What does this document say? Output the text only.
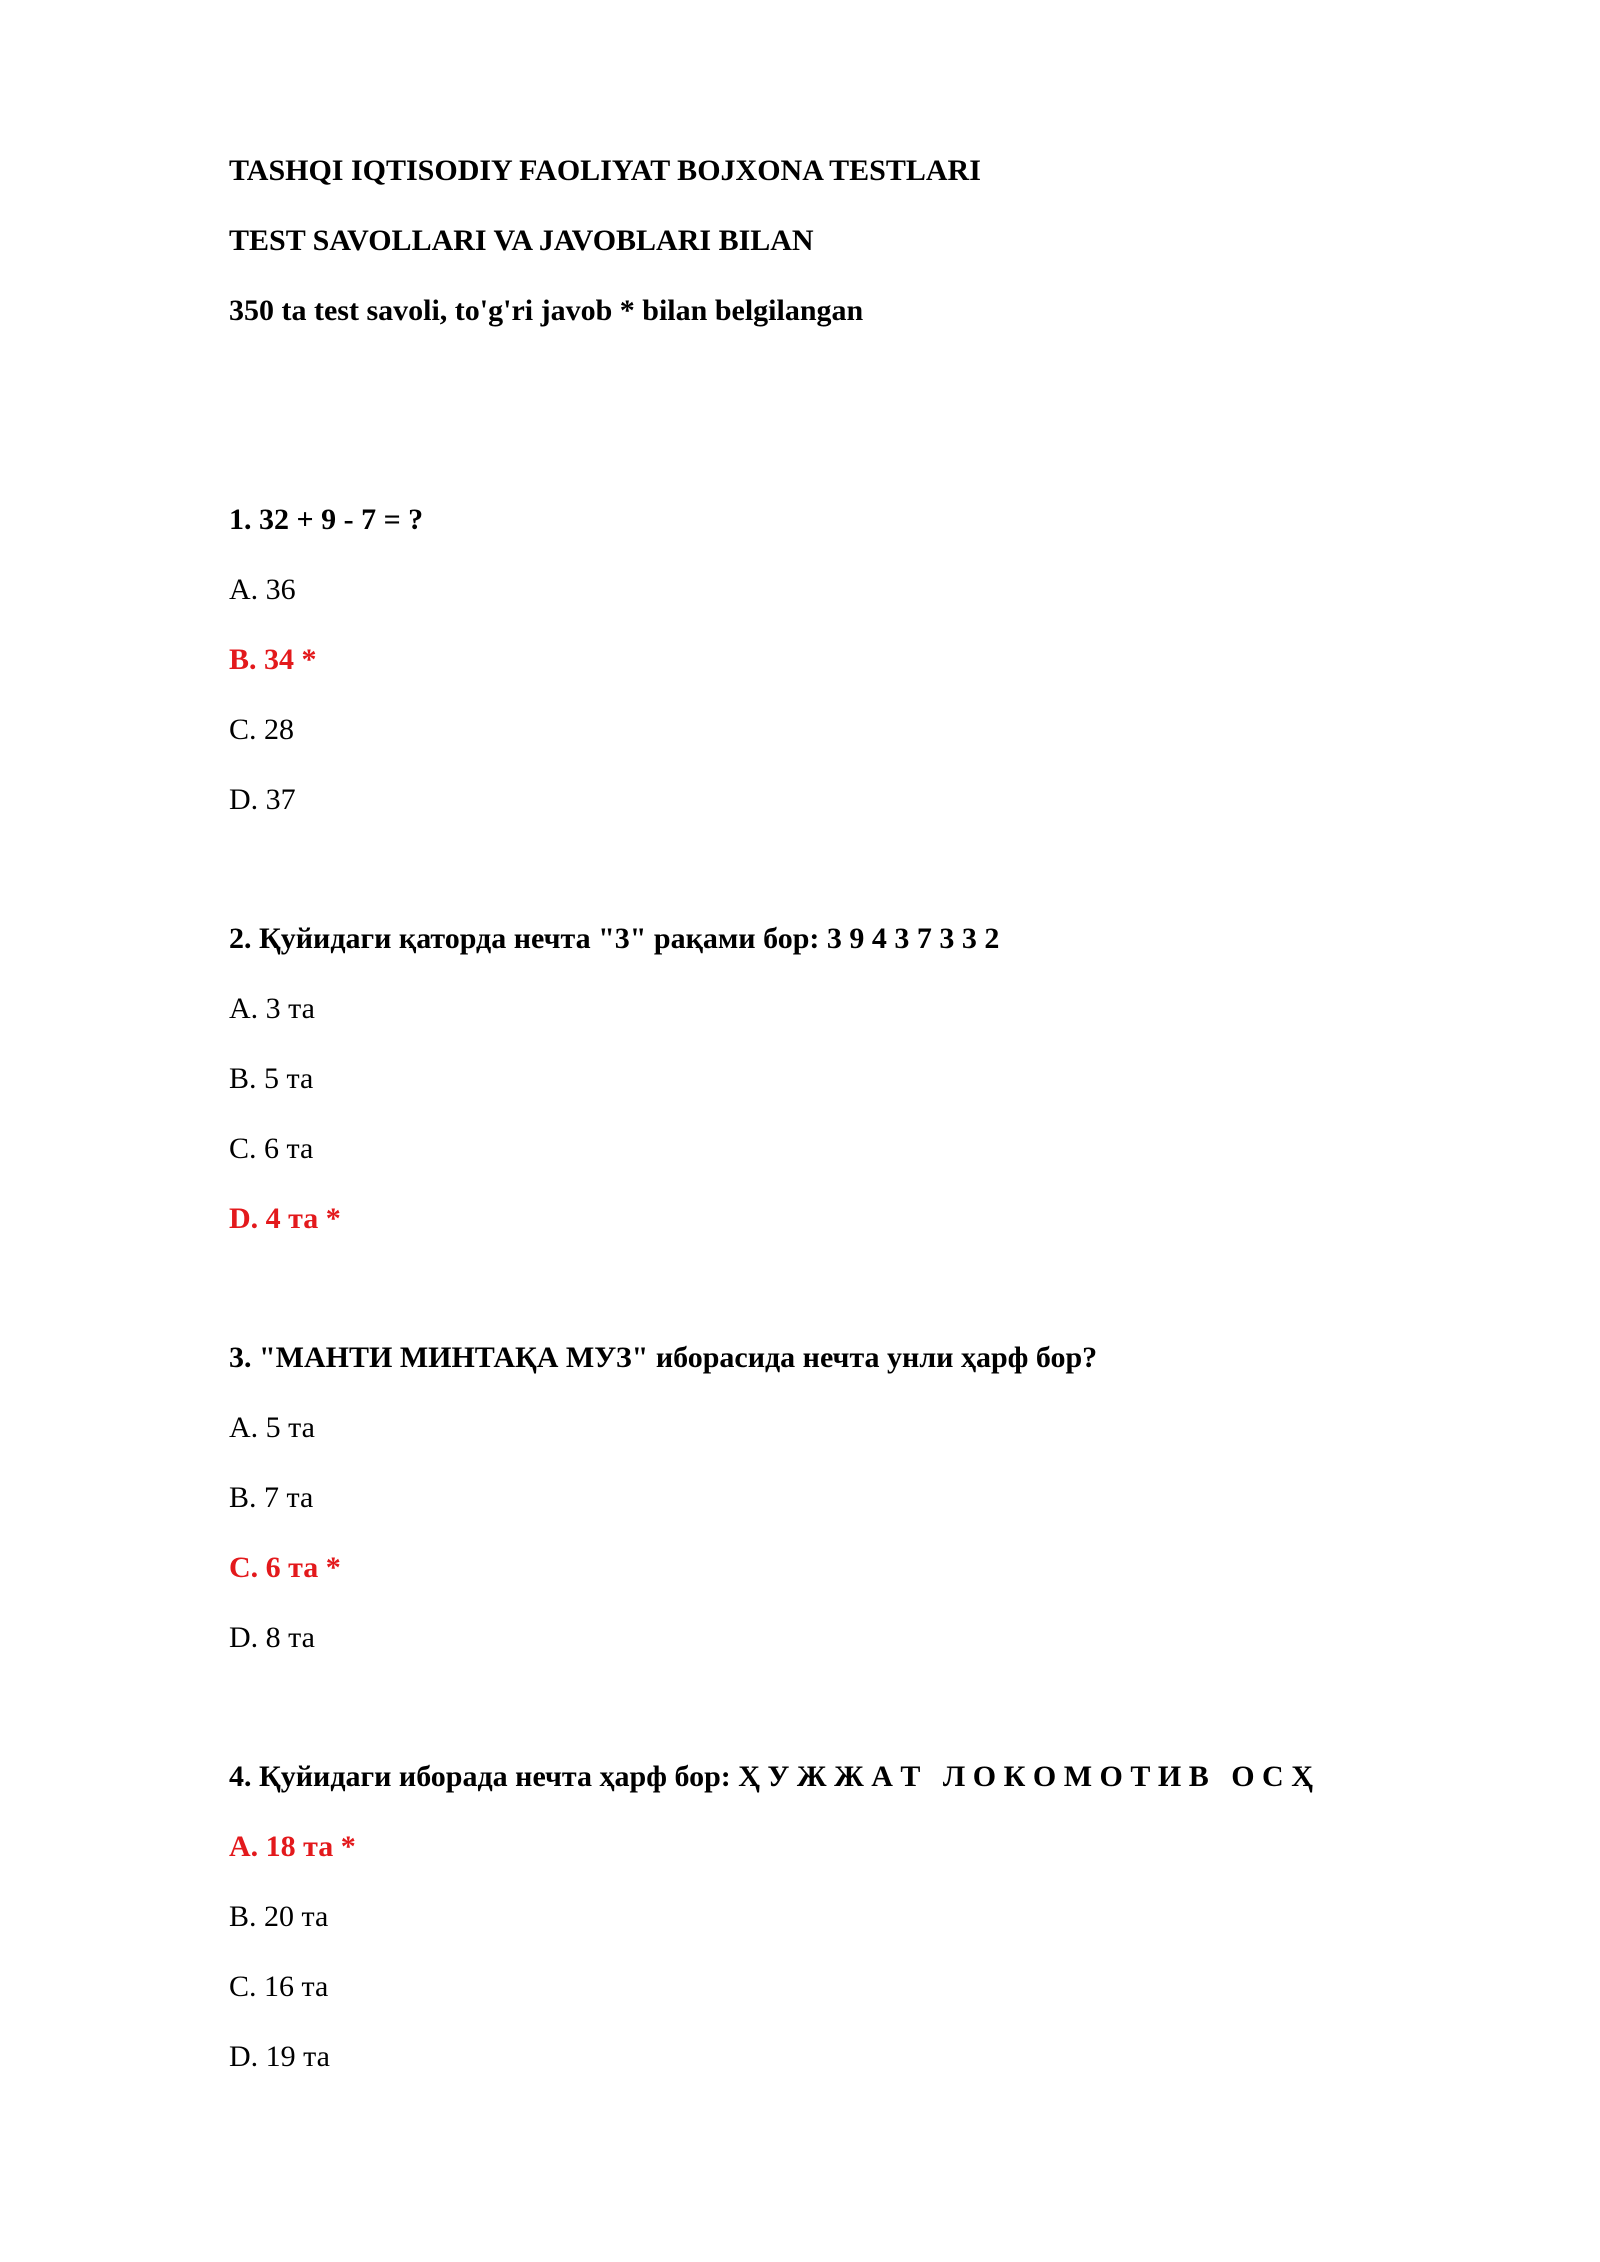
TASHQI IQTISODIY FAOLIYAT BOJXONA TESTLARI
TEST SAVOLLARI VA JAVOBLARI BILAN
350 ta test savoli, to'g'ri javob * bilan belgilangan
1. 32 + 9 - 7 = ?
A. 36
B. 34 *
C. 28
D. 37
2. Қуйидаги қаторда нечта "3" рақами бор: 3 9 4 3 7 3 3 2
A. 3 та
B. 5 та
C. 6 та
D. 4 та *
3. "МАНТИ МИНТАҚА МУЗ" иборасида нечта унли ҳарф бор?
A. 5 та
B. 7 та
C. 6 та *
D. 8 та
4. Қуйидаги иборада нечта ҳарф бор: Ҳ У Ж Ж А Т   Л О К О М О Т И В   О С Ҳ
A. 18 та *
B. 20 та
C. 16 та
D. 19 та
